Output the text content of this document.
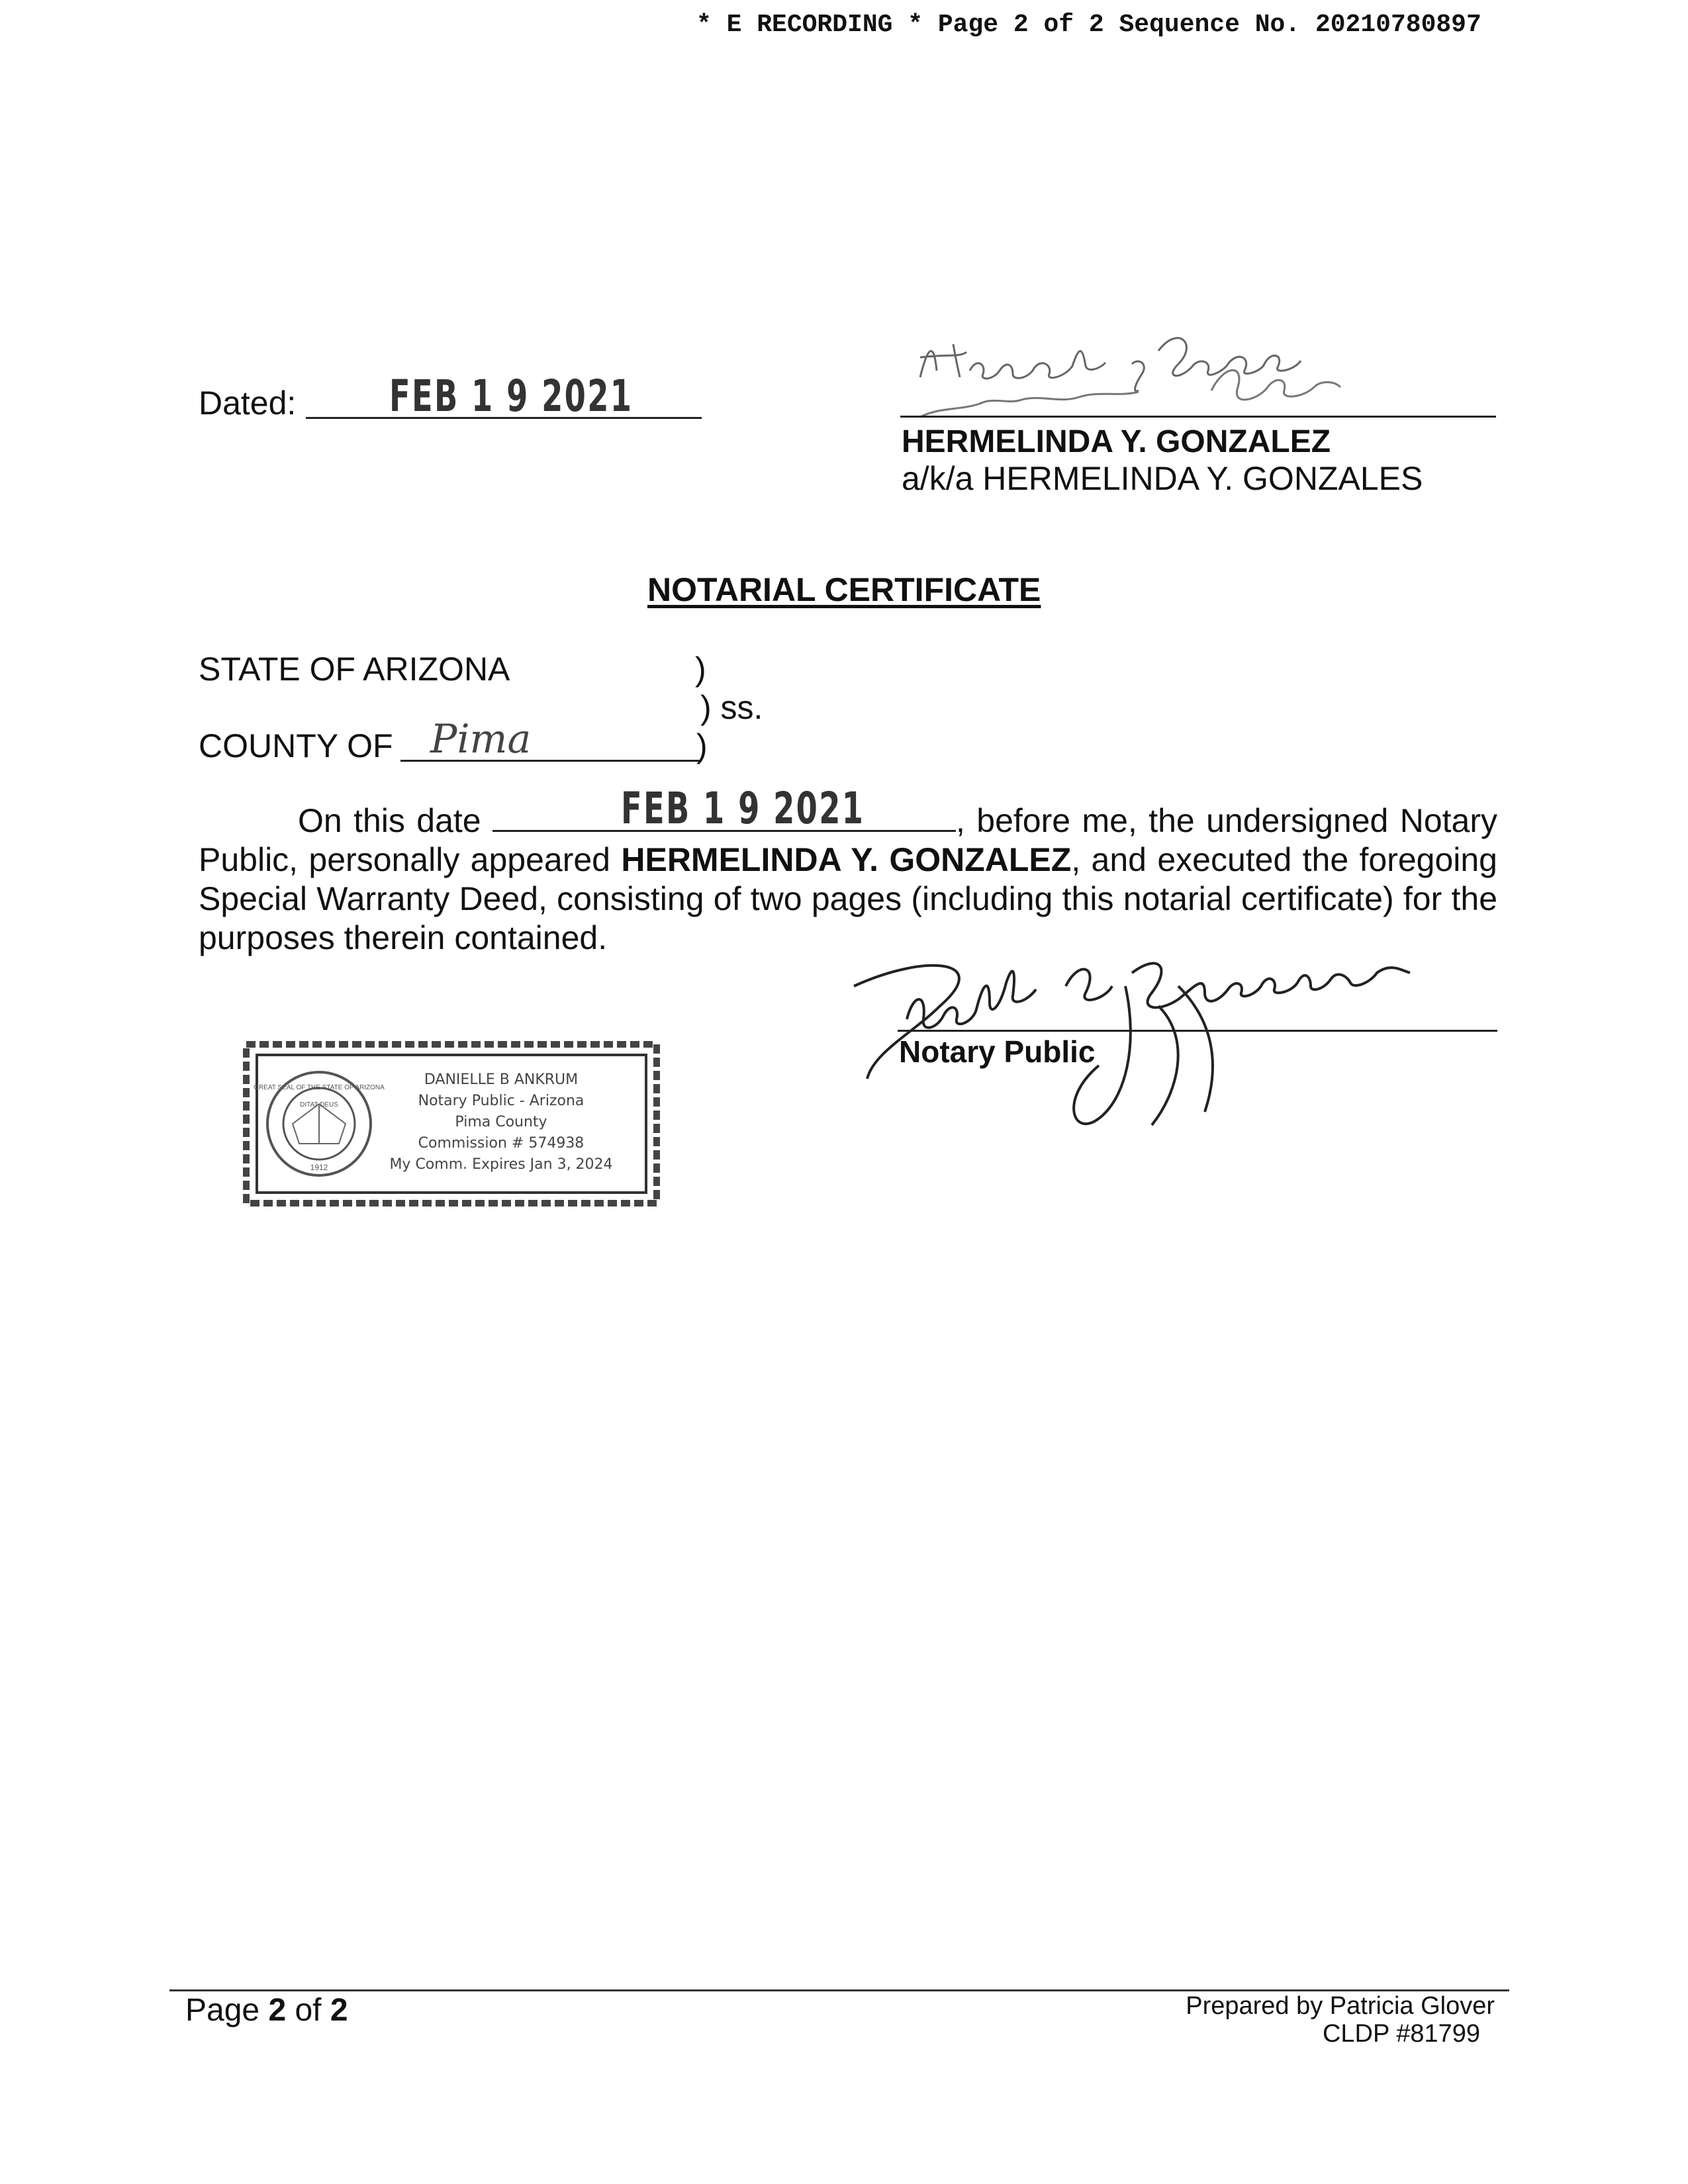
* E RECORDING * Page 2 of 2 Sequence No. 20210780897
Dated: FEB 1 9 2021
HERMELINDA Y. GONZALEZ
a/k/a HERMELINDA Y. GONZALES
NOTARIAL CERTIFICATE
STATE OF ARIZONA	)
) ss.
COUNTY OF Pima	)
On this date	FEB 1 9 2021	, before me, the undersigned Notary Public, personally appeared HERMELINDA Y. GONZALEZ, and executed the foregoing Special Warranty Deed, consisting of two pages (including this notarial certificate) for the purposes therein contained.
Notary Public
GREAT SEAL OF THE STATE OF ARIZONA
DITAT DEUS
1912
DANIELLE B ANKRUM
Notary Public - Arizona
Pima County
Commission # 574938
My Comm. Expires Jan 3, 2024
Page 2 of 2	Prepared by Patricia Glover
CLDP #81799
